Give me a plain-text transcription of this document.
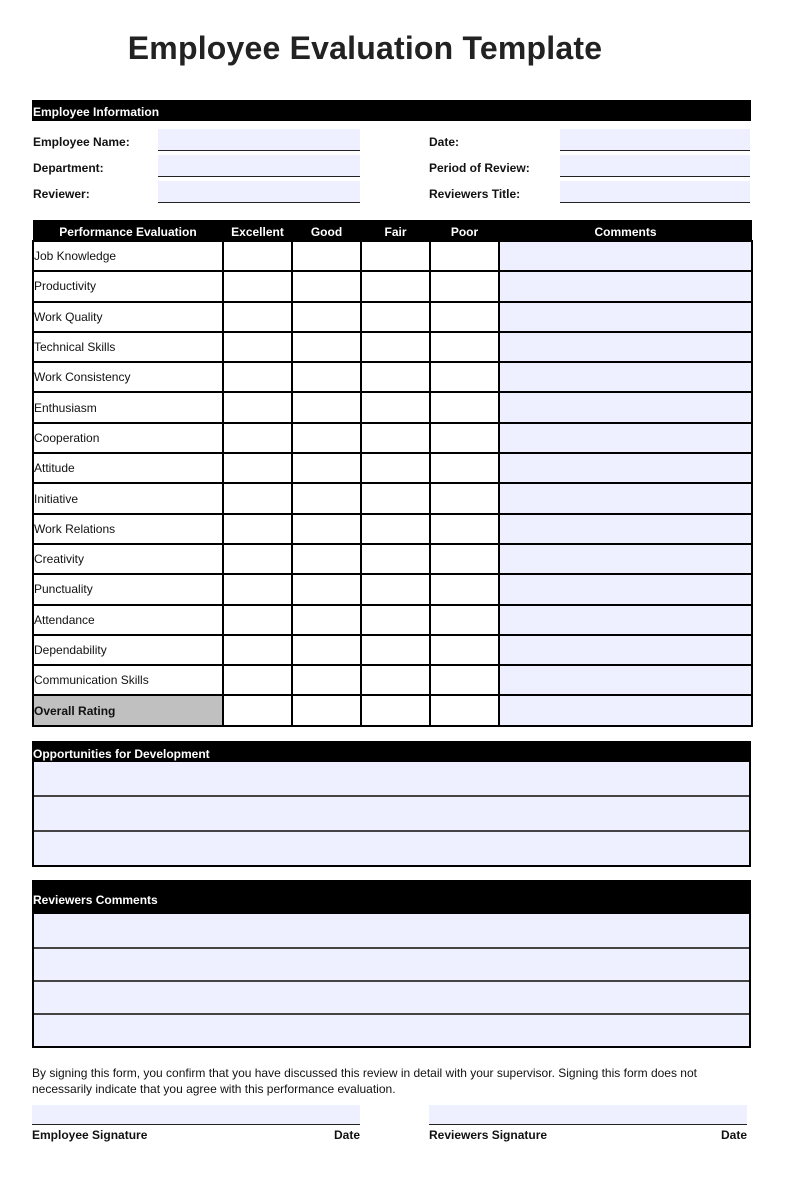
Employee Evaluation Template
Employee Information
Employee Name:	Date:
Department:	Period of Review:
Reviewer:	Reviewers Title:
Performance Evaluation	Excellent	Good	Fair	Poor	Comments
Job Knowledge					
Productivity					
Work Quality					
Technical Skills					
Work Consistency					
Enthusiasm					
Cooperation					
Attitude					
Initiative					
Work Relations					
Creativity					
Punctuality					
Attendance					
Dependability					
Communication Skills					
Overall Rating					
Opportunities for Development
Reviewers Comments
By signing this form, you confirm that you have discussed this review in detail with your supervisor. Signing this form does not necessarily indicate that you agree with this performance evaluation.
Employee Signature	Date	Reviewers Signature	Date
